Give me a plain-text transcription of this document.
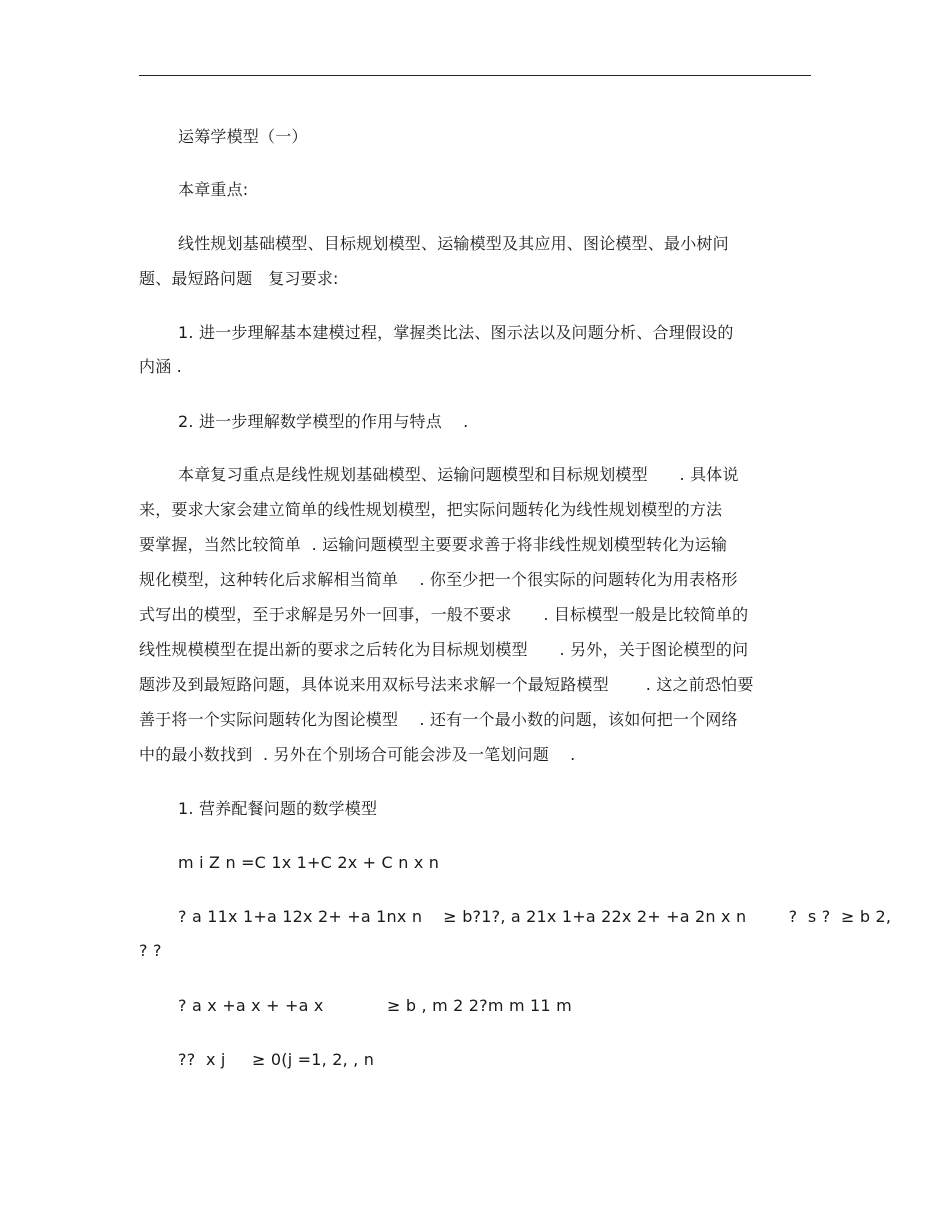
运筹学模型（一）
本章重点:
线性规划基础模型、目标规划模型、运输模型及其应用、图论模型、最小树问
题、最短路问题   复习要求:
1. 进一步理解基本建模过程，掌握类比法、图示法以及问题分析、合理假设的
内涵 .
2. 进一步理解数学模型的作用与特点    .
本章复习重点是线性规划基础模型、运输问题模型和目标规划模型      . 具体说
来，要求大家会建立简单的线性规划模型，把实际问题转化为线性规划模型的方法
要掌握，当然比较简单  . 运输问题模型主要要求善于将非线性规划模型转化为运输
规化模型，这种转化后求解相当简单    . 你至少把一个很实际的问题转化为用表格形
式写出的模型，至于求解是另外一回事，一般不要求      . 目标模型一般是比较简单的
线性规模模型在提出新的要求之后转化为目标规划模型      . 另外，关于图论模型的问
题涉及到最短路问题，具体说来用双标号法来求解一个最短路模型       . 这之前恐怕要
善于将一个实际问题转化为图论模型    . 还有一个最小数的问题，该如何把一个网络
中的最小数找到  . 另外在个别场合可能会涉及一笔划问题    .
1. 营养配餐问题的数学模型
m i Z n =C 1x 1+C 2x + C n x n
? a 11x 1+a 12x 2+ +a 1nx n    ≥ b?1?, a 21x 1+a 22x 2+ +a 2n x n        ?  s ?  ≥ b 2,
? ?
? a x +a x + +a x            ≥ b , m 2 2?m m 11 m
??  x j     ≥ 0(j =1, 2, , n
